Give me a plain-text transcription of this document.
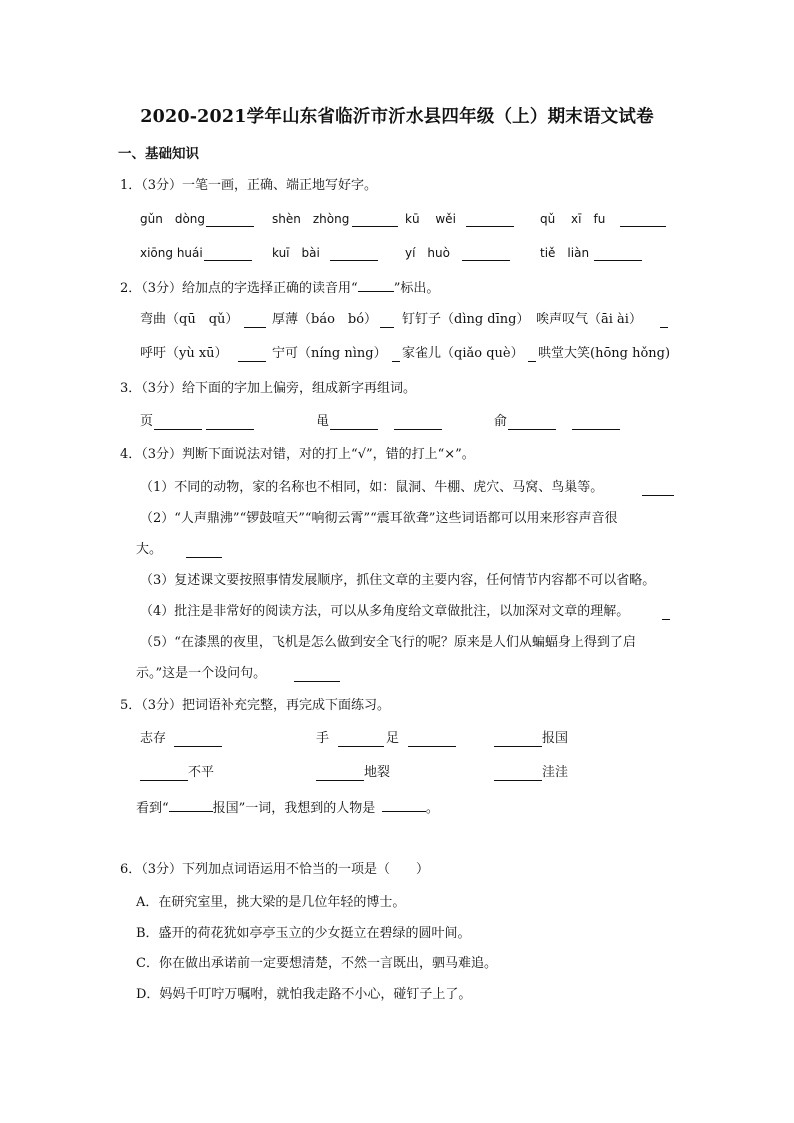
2020-2021学年山东省临沂市沂水县四年级（上）期末语文试卷
一、基础知识
1．（3分）一笔一画，正确、端正地写好字。
gǔn　dòng	shèn　zhòng	kū　 wěi	qǔ　 xī　fu
xiōng huái	kuī　bài	yí　huò	tiě　liàn
2．（3分）给加点的字选择正确的读音用“	”标出。
弯曲（qū　qǔ）	厚薄（báo　bó） 钉钉子（dìng dīng） 唉声叹气（āi ài）
呼吁（yù xū）	宁可（níng nìng） 家雀儿（qiǎo què） 哄堂大笑(hōng hǒng)
3．（3分）给下面的字加上偏旁，组成新字再组词。
页	黾	俞
4．（3分）判断下面说法对错，对的打上“√”，错的打上“×”。
（1）不同的动物，家的名称也不相同，如：鼠洞、牛棚、虎穴、马窝、鸟巢等。
（2）“人声鼎沸”“锣鼓喧天”“响彻云霄”“震耳欲聋”这些词语都可以用来形容声音很
大。
（3）复述课文要按照事情发展顺序，抓住文章的主要内容，任何情节内容都不可以省略。
（4）批注是非常好的阅读方法，可以从多角度给文章做批注，以加深对文章的理解。
（5）“在漆黑的夜里，飞机是怎么做到安全飞行的呢？原来是人们从蝙蝠身上得到了启
示。”这是一个设问句。
5．（3分）把词语补充完整，再完成下面练习。
志存	手	足	报国
不平	地裂	洼洼
看到“	报国”一词，我想到的人物是 	。
6．（3分）下列加点词语运用不恰当的一项是（　　）
A．在研究室里，挑大梁的是几位年轻的博士。
B．盛开的荷花犹如亭亭玉立的少女挺立在碧绿的圆叶间。
C．你在做出承诺前一定要想清楚，不然一言既出，驷马难追。
D．妈妈千叮咛万嘱咐，就怕我走路不小心，碰钉子上了。
